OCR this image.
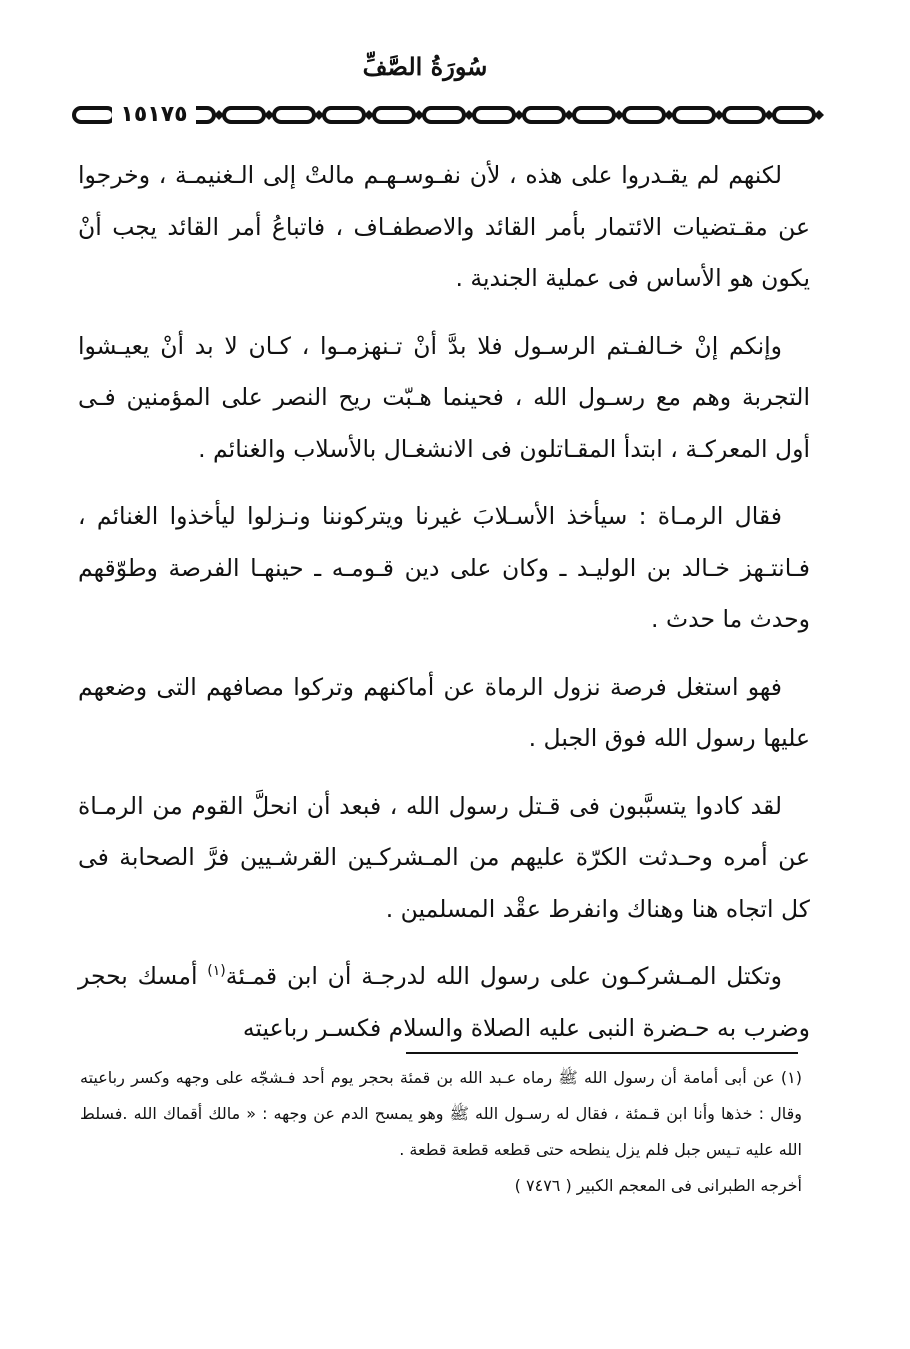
سُورَةُ الصَّفِّ
١٥١٧٥

لكنهم لم يقـدروا على هذه ، لأن نفـوسـهـم مالتْ إلى الـغنيمـة ، وخرجوا عن مقـتضيات الائتمار بأمر القائد والاصطفـاف ، فاتباعُ أمر القائد يجب أنْ يكون هو الأساس فى عملية الجندية .

وإنكم إنْ خـالفـتم الرسـول فلا بدَّ أنْ تـنهزمـوا ، كـان لا بد أنْ يعيـشوا التجربة وهم مع رسـول الله ، فحينما هـبّت ريح النصر على المؤمنين فـى أول المعركـة ، ابتدأ المقـاتلون فى الانشغـال بالأسلاب والغنائم .

فقال الرمـاة : سيأخذ الأسـلابَ غيرنا ويتركوننا ونـزلوا ليأخذوا الغنائم ، فـانتـهز خـالد بن الوليـد ـ وكان على دين قـومـه ـ حينهـا الفرصة وطوّقهم وحدث ما حدث .

فهو استغل فرصة نزول الرماة عن أماكنهم وتركوا مصافهم التى وضعهم عليها رسول الله فوق الجبل .

لقد كادوا يتسبَّبون فى قـتل رسول الله ، فبعد أن انحلَّ القوم من الرمـاة عن أمره وحـدثت الكرّة عليهم من المـشركـين القرشـيين فرَّ الصحابة فى كل اتجاه هنا وهناك وانفرط عقْد المسلمين .

وتكتل المـشركـون على رسول الله لدرجـة أن ابن قمـئة$^{(١)}$ أمسك بحجر وضرب به حـضرة النبى عليه الصلاة والسلام فكسـر رباعيته

(١) عن أبى أمامة أن رسول الله ﷺ رماه عـبد الله بن قمئة بحجر يوم أحد فـشجّه على وجهه وكسر رباعيته وقال : خذها وأنا ابن قـمئة ، فقال له رسـول الله ﷺ وهو يمسح الدم عن وجهه : « مالك أقماك الله .فسلط الله عليه تـيس جبل فلم يزل ينطحه حتى قطعه قطعة قطعة .

أخرجه الطبرانى فى المعجم الكبير ( ٧٤٧٦ )
